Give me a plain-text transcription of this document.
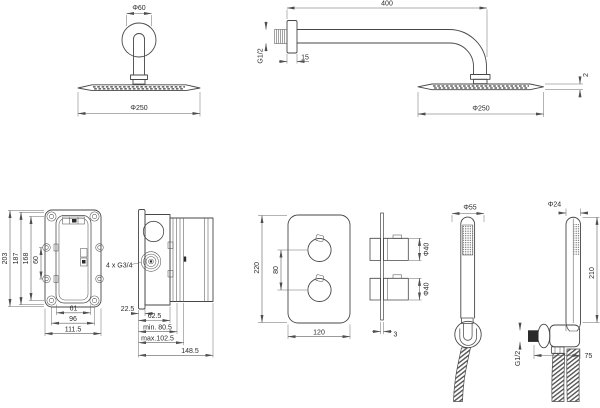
Φ60
Φ250
400
G1/2	15
2
Φ250
203 187 168 60
61
96
111.5
4 x G3/4
22.5
62.5
min. 80.5
max.102.5
148.5
220 80
120
Φ40
Φ40
3
Φ55	Φ24
G1/2	75
210
